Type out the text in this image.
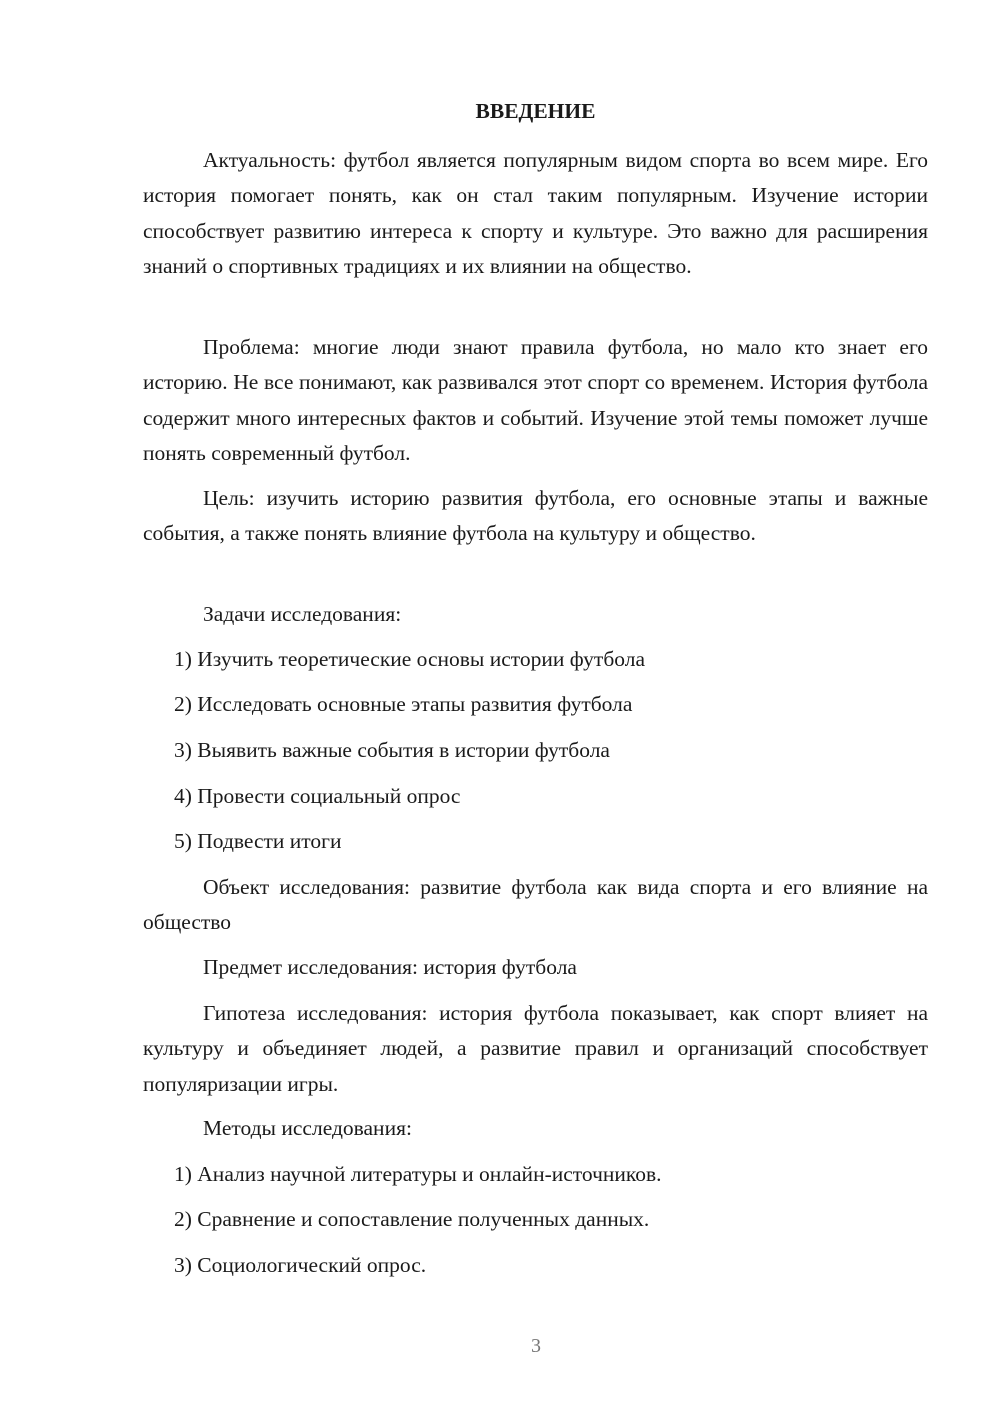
ВВЕДЕНИЕ

Актуальность: футбол является популярным видом спорта во всем мире. Его история помогает понять, как он стал таким популярным. Изучение истории способствует развитию интереса к спорту и культуре. Это важно для расширения знаний о спортивных традициях и их влиянии на общество.

Проблема: многие люди знают правила футбола, но мало кто знает его историю. Не все понимают, как развивался этот спорт со временем. История футбола содержит много интересных фактов и событий. Изучение этой темы поможет лучше понять современный футбол.

Цель: изучить историю развития футбола, его основные этапы и важные события, а также понять влияние футбола на культуру и общество.

Задачи исследования:

1) Изучить теоретические основы истории футбола

2) Исследовать основные этапы развития футбола

3) Выявить важные события в истории футбола

4) Провести социальный опрос

5) Подвести итоги

Объект исследования: развитие футбола как вида спорта и его влияние на общество

Предмет исследования: история футбола

Гипотеза исследования: история футбола показывает, как спорт влияет на культуру и объединяет людей, а развитие правил и организаций способствует популяризации игры.

Методы исследования:

1) Анализ научной литературы и онлайн-источников.

2) Сравнение и сопоставление полученных данных.

3) Социологический опрос.

3
